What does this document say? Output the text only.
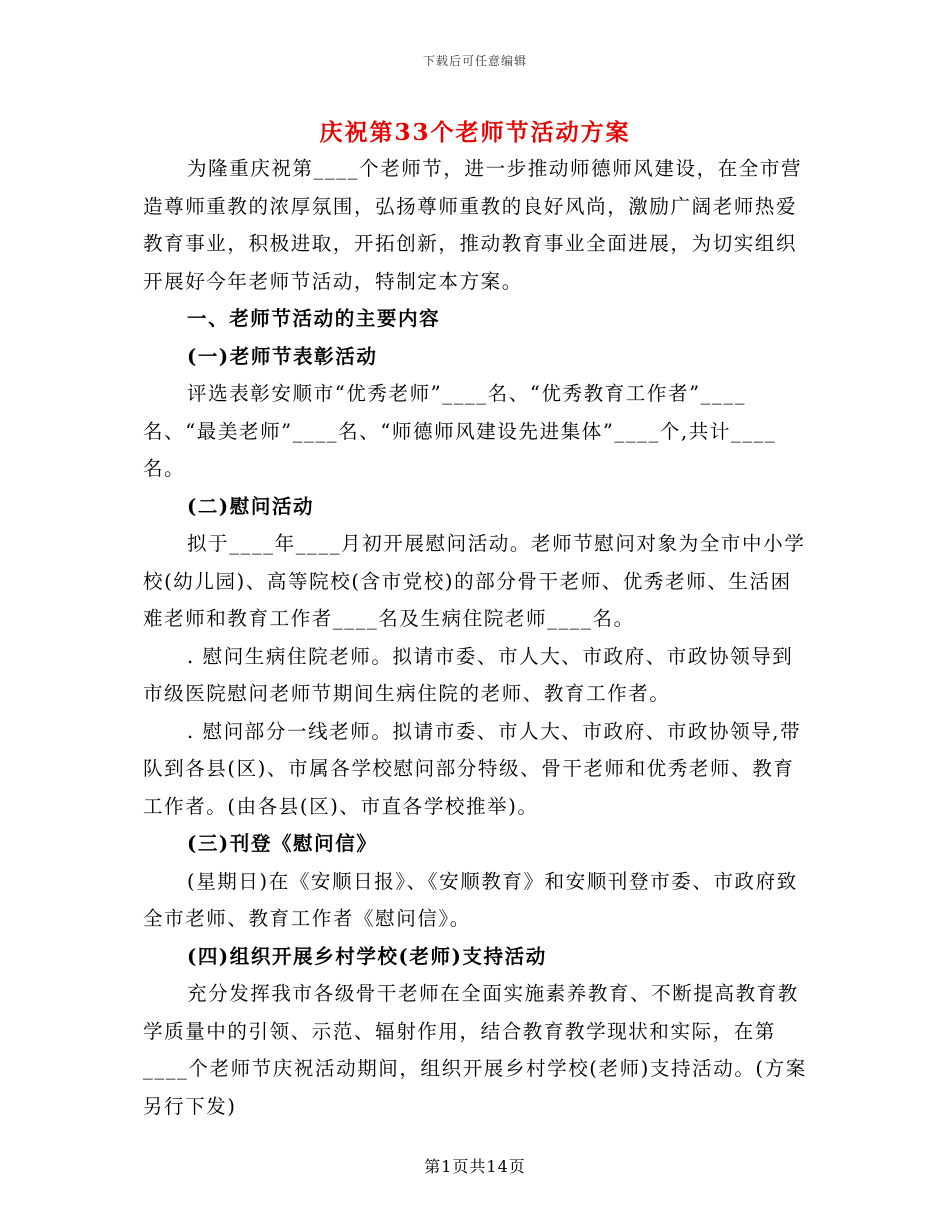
下载后可任意编辑
庆祝第33个老师节活动方案

为隆重庆祝第____个老师节，进一步推动师德师风建设，在全市营造尊师重教的浓厚氛围，弘扬尊师重教的良好风尚，激励广阔老师热爱教育事业，积极进取，开拓创新，推动教育事业全面进展，为切实组织开展好今年老师节活动，特制定本方案。

一、老师节活动的主要内容

(一)老师节表彰活动

评选表彰安顺市“优秀老师”____名、“优秀教育工作者”____名、“最美老师”____名、“师德师风建设先进集体”____个,共计____名。

(二)慰问活动

拟于____年____月初开展慰问活动。老师节慰问对象为全市中小学校(幼儿园)、高等院校(含市党校)的部分骨干老师、优秀老师、生活困难老师和教育工作者____名及生病住院老师____名。

. 慰问生病住院老师。拟请市委、市人大、市政府、市政协领导到市级医院慰问老师节期间生病住院的老师、教育工作者。

. 慰问部分一线老师。拟请市委、市人大、市政府、市政协领导,带队到各县(区)、市属各学校慰问部分特级、骨干老师和优秀老师、教育工作者。(由各县(区)、市直各学校推举)。

(三)刊登《慰问信》

(星期日)在《安顺日报》、《安顺教育》和安顺刊登市委、市政府致全市老师、教育工作者《慰问信》。

(四)组织开展乡村学校(老师)支持活动

充分发挥我市各级骨干老师在全面实施素养教育、不断提高教育教学质量中的引领、示范、辐射作用，结合教育教学现状和实际，在第____个老师节庆祝活动期间，组织开展乡村学校(老师)支持活动。(方案另行下发)

第1页共14页
